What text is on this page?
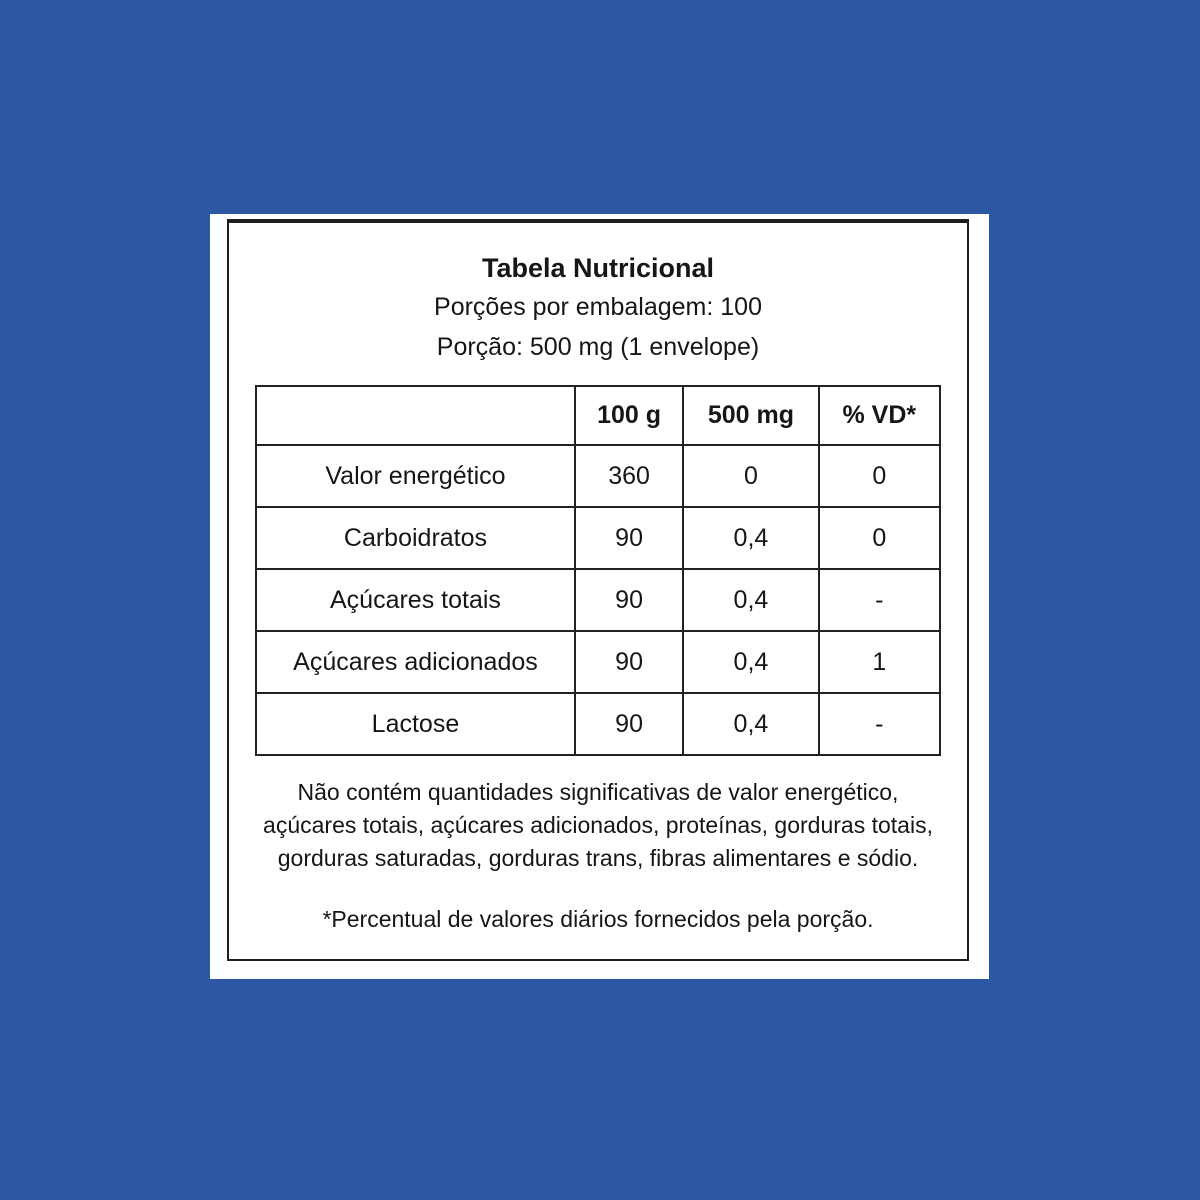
Tabela Nutricional
Porções por embalagem: 100
Porção: 500 mg (1 envelope)
	100 g	500 mg	% VD*
Valor energético	360	0	0
Carboidratos	90	0,4	0
Açúcares totais	90	0,4	-
Açúcares adicionados	90	0,4	1
Lactose	90	0,4	-
Não contém quantidades significativas de valor energético,
açúcares totais, açúcares adicionados, proteínas, gorduras totais,
gorduras saturadas, gorduras trans, fibras alimentares e sódio.
*Percentual de valores diários fornecidos pela porção.
